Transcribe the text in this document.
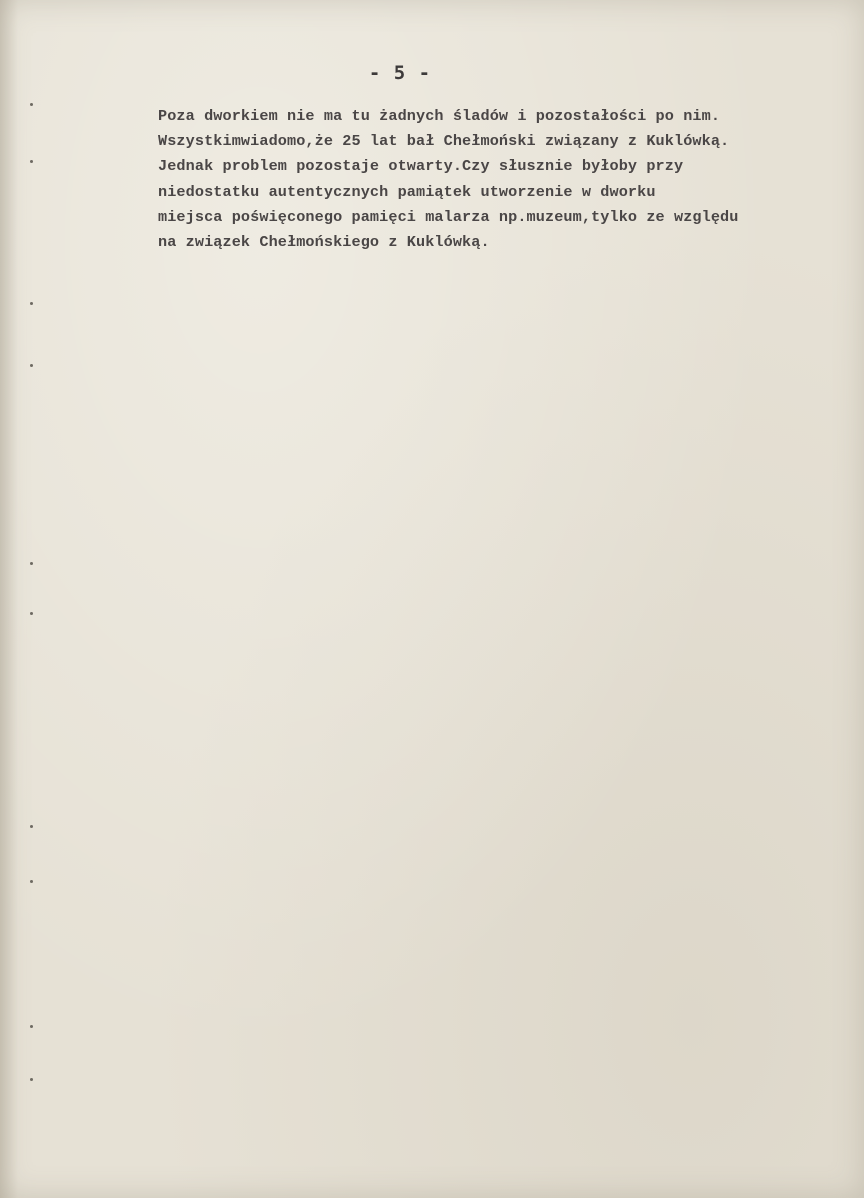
- 5 -
Poza dworkiem nie ma tu żadnych śladów i pozostałości po nim.
Wszystkimwiadomo,że 25 lat bał Chełmoński związany z Kuklówką.
Jednak problem pozostaje otwarty.Czy słusznie byłoby przy
niedostatku autentycznych pamiątek utworzenie w dworku
miejsca poświęconego pamięci malarza np.muzeum,tylko ze względu
na związek Chełmońskiego z Kuklówką.
